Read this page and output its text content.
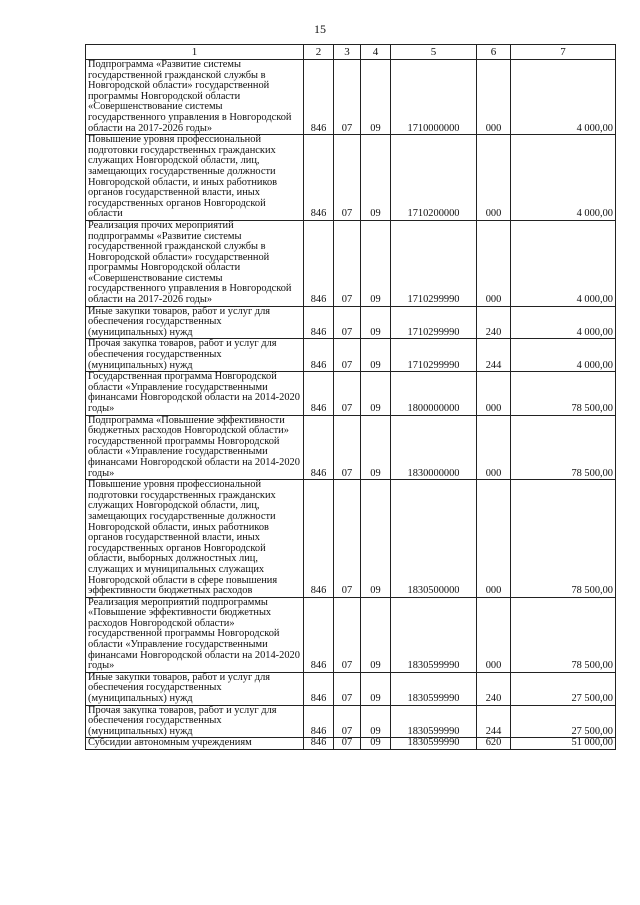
15
1	2	3	4	5	6	7
Подпрограмма «Развитие системы государственной гражданской службы в Новгородской области» государственной программы Новгородской области «Совершенствование системы государственного управления в Новгородской области на 2017-2026 годы»	846	07	09	1710000000	000	4 000,00
Повышение уровня профессиональной подготовки государственных гражданских служащих Новгородской области, лиц, замещающих государственные должности Новгородской области, и иных работников органов государственной власти, иных государственных органов Новгородской области	846	07	09	1710200000	000	4 000,00
Реализация прочих мероприятий подпрограммы «Развитие системы государственной гражданской службы в Новгородской области» государственной программы Новгородской области «Совершенствование системы государственного управления в Новгородской области на 2017-2026 годы»	846	07	09	1710299990	000	4 000,00
Иные закупки товаров, работ и услуг для обеспечения государственных (муниципальных) нужд	846	07	09	1710299990	240	4 000,00
Прочая закупка товаров, работ и услуг для обеспечения государственных (муниципальных) нужд	846	07	09	1710299990	244	4 000,00
Государственная программа Новгородской области «Управление государственными финансами Новгородской области на 2014-2020 годы»	846	07	09	1800000000	000	78 500,00
Подпрограмма «Повышение эффективности бюджетных расходов Новгородской области» государственной программы Новгородской области «Управление государственными финансами Новгородской области на 2014-2020 годы»	846	07	09	1830000000	000	78 500,00
Повышение уровня профессиональной подготовки государственных гражданских служащих Новгородской области, лиц, замещающих государственные должности Новгородской области, иных работников органов государственной власти, иных государственных органов Новгородской области, выборных должностных лиц, служащих и муниципальных служащих Новгородской области в сфере повышения эффективности бюджетных расходов	846	07	09	1830500000	000	78 500,00
Реализация мероприятий подпрограммы «Повышение эффективности бюджетных расходов Новгородской области» государственной программы Новгородской области «Управление государственными финансами Новгородской области на 2014-2020 годы»	846	07	09	1830599990	000	78 500,00
Иные закупки товаров, работ и услуг для обеспечения государственных (муниципальных) нужд	846	07	09	1830599990	240	27 500,00
Прочая закупка товаров, работ и услуг для обеспечения государственных (муниципальных) нужд	846	07	09	1830599990	244	27 500,00
Субсидии автономным учреждениям	846	07	09	1830599990	620	51 000,00
